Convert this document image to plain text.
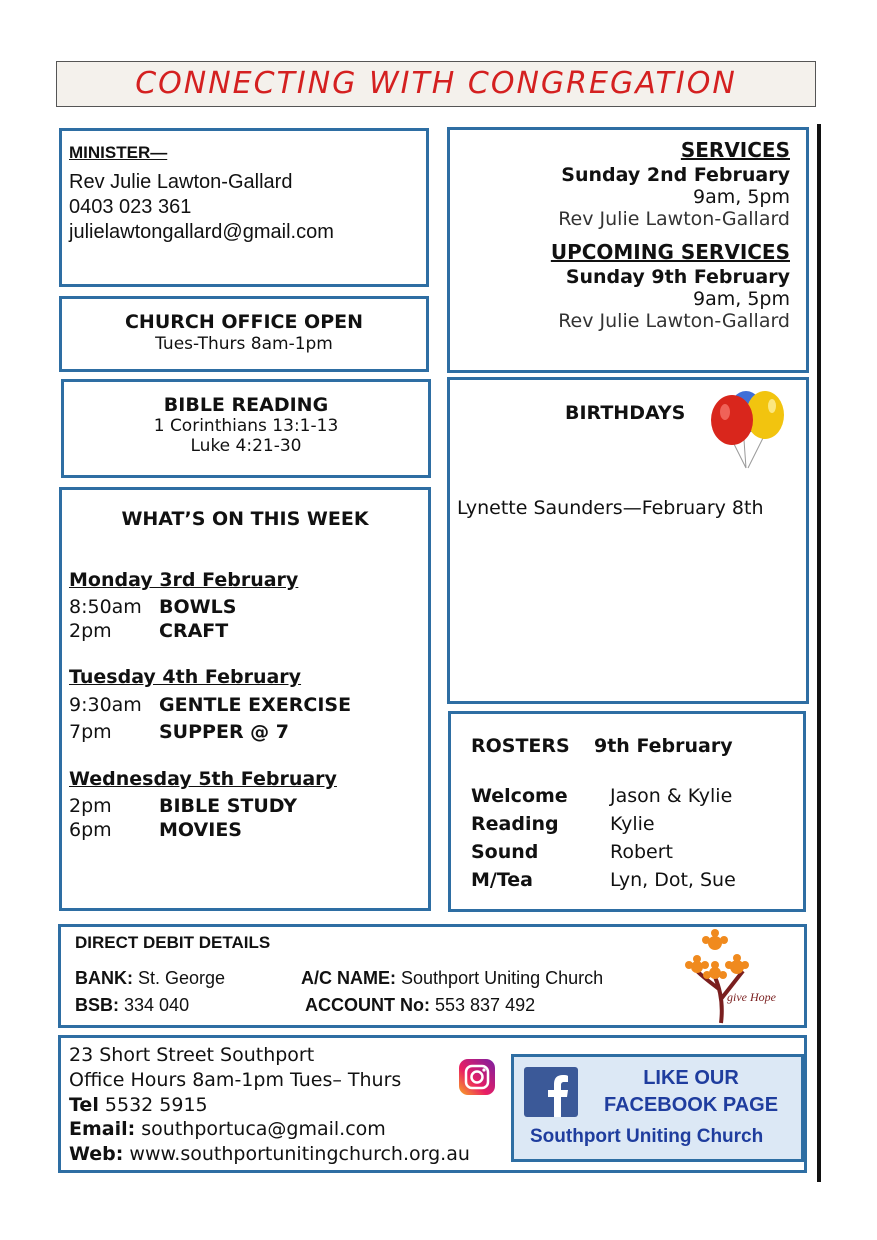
CONNECTING WITH CONGREGATION
MINISTER—
Rev Julie Lawton-Gallard
0403 023 361
julielawtongallard@gmail.com
CHURCH OFFICE OPEN
Tues-Thurs 8am-1pm
BIBLE READING
1 Corinthians 13:1-13
Luke 4:21-30
WHAT’S ON THIS WEEK
Monday 3rd February
8:50am BOWLS
2pm CRAFT
Tuesday 4th February
9:30am GENTLE EXERCISE
7pm SUPPER @ 7
Wednesday 5th February
2pm BIBLE STUDY
6pm MOVIES
SERVICES
Sunday 2nd February
9am, 5pm
Rev Julie Lawton-Gallard
UPCOMING SERVICES
Sunday 9th February
9am, 5pm
Rev Julie Lawton-Gallard
BIRTHDAYS
Lynette Saunders—February 8th
ROSTERS 9th February
Welcome Jason & Kylie
Reading	Kylie
Sound	Robert
M/Tea	Lyn, Dot, Sue
DIRECT DEBIT DETAILS
BANK: St. George	A/C NAME: Southport Uniting Church
BSB: 334 040	ACCOUNT No: 553 837 492	give Hope
23 Short Street Southport
Office Hours 8am-1pm Tues– Thurs
Tel 5532 5915
Email: southportuca@gmail.com
Web: www.southportunitingchurch.org.au
LIKE OUR
FACEBOOK PAGE
Southport Uniting Church
